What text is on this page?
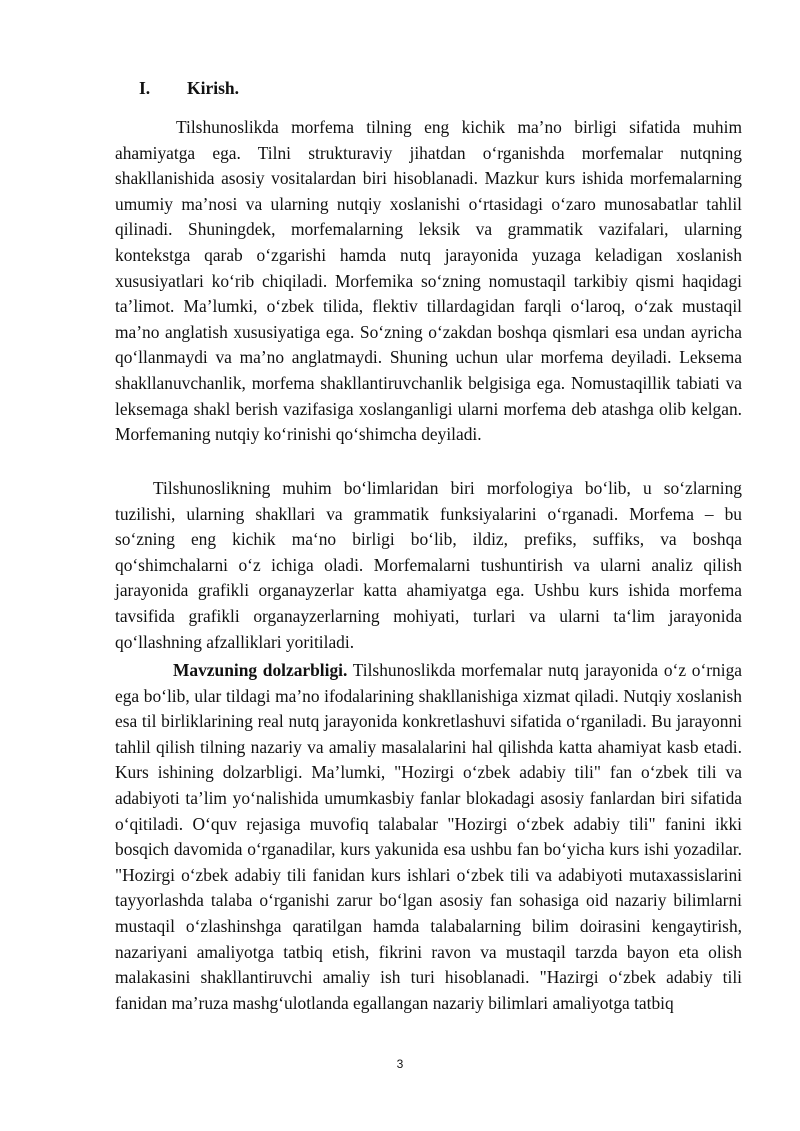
I. Kirish.

Tilshunoslikda morfema tilning eng kichik ma’no birligi sifatida muhim ahamiyatga ega. Tilni strukturaviy jihatdan o‘rganishda morfemalar nutqning shakllanishida asosiy vositalardan biri hisoblanadi. Mazkur kurs ishida morfemalarning umumiy ma’nosi va ularning nutqiy xoslanishi o‘rtasidagi o‘zaro munosabatlar tahlil qilinadi. Shuningdek, morfemalarning leksik va grammatik vazifalari, ularning kontekstga qarab o‘zgarishi hamda nutq jarayonida yuzaga keladigan xoslanish xususiyatlari ko‘rib chiqiladi. Morfemika so‘zning nomustaqil tarkibiy qismi haqidagi ta’limot. Ma’lumki, o‘zbek tilida, flektiv tillardagidan farqli o‘laroq, o‘zak mustaqil ma’no anglatish xususiyatiga ega. So‘zning o‘zakdan boshqa qismlari esa undan ayricha qo‘llanmaydi va ma’no anglatmaydi. Shuning uchun ular morfema deyiladi. Leksema shakllanuvchanlik, morfema shakllantiruvchanlik belgisiga ega. Nomustaqillik tabiati va leksemaga shakl berish vazifasiga xoslanganligi ularni morfema deb atashga olib kelgan. Morfemaning nutqiy ko‘rinishi qo‘shimcha deyiladi.

Tilshunoslikning muhim bo‘limlaridan biri morfologiya bo‘lib, u so‘zlarning tuzilishi, ularning shakllari va grammatik funksiyalarini o‘rganadi. Morfema – bu so‘zning eng kichik ma‘no birligi bo‘lib, ildiz, prefiks, suffiks, va boshqa qo‘shimchalarni o‘z ichiga oladi. Morfemalarni tushuntirish va ularni analiz qilish jarayonida grafikli organayzerlar katta ahamiyatga ega. Ushbu kurs ishida morfema tavsifida grafikli organayzerlarning mohiyati, turlari va ularni ta‘lim jarayonida qo‘llashning afzalliklari yoritiladi.

Mavzuning dolzarbligi. Tilshunoslikda morfemalar nutq jarayonida o‘z o‘rniga ega bo‘lib, ular tildagi ma’no ifodalarining shakllanishiga xizmat qiladi. Nutqiy xoslanish esa til birliklarining real nutq jarayonida konkretlashuvi sifatida o‘rganiladi. Bu jarayonni tahlil qilish tilning nazariy va amaliy masalalarini hal qilishda katta ahamiyat kasb etadi. Kurs ishining dolzarbligi. Ma’lumki, "Hozirgi o‘zbek adabiy tili" fan o‘zbek tili va adabiyoti ta’lim yo‘nalishida umumkasbiy fanlar blokadagi asosiy fanlardan biri sifatida o‘qitiladi. O‘quv rejasiga muvofiq talabalar "Hozirgi o‘zbek adabiy tili" fanini ikki bosqich davomida o‘rganadilar, kurs yakunida esa ushbu fan bo‘yicha kurs ishi yozadilar. "Hozirgi o‘zbek adabiy tili fanidan kurs ishlari o‘zbek tili va adabiyoti mutaxassislarini tayyorlashda talaba o‘rganishi zarur bo‘lgan asosiy fan sohasiga oid nazariy bilimlarni mustaqil o‘zlashinshga qaratilgan hamda talabalarning bilim doirasini kengaytirish, nazariyani amaliyotga tatbiq etish, fikrini ravon va mustaqil tarzda bayon eta olish malakasini shakllantiruvchi amaliy ish turi hisoblanadi. "Hazirgi o‘zbek adabiy tili fanidan ma’ruza mashg‘ulotlanda egallangan nazariy bilimlari amaliyotga tatbiq

3
